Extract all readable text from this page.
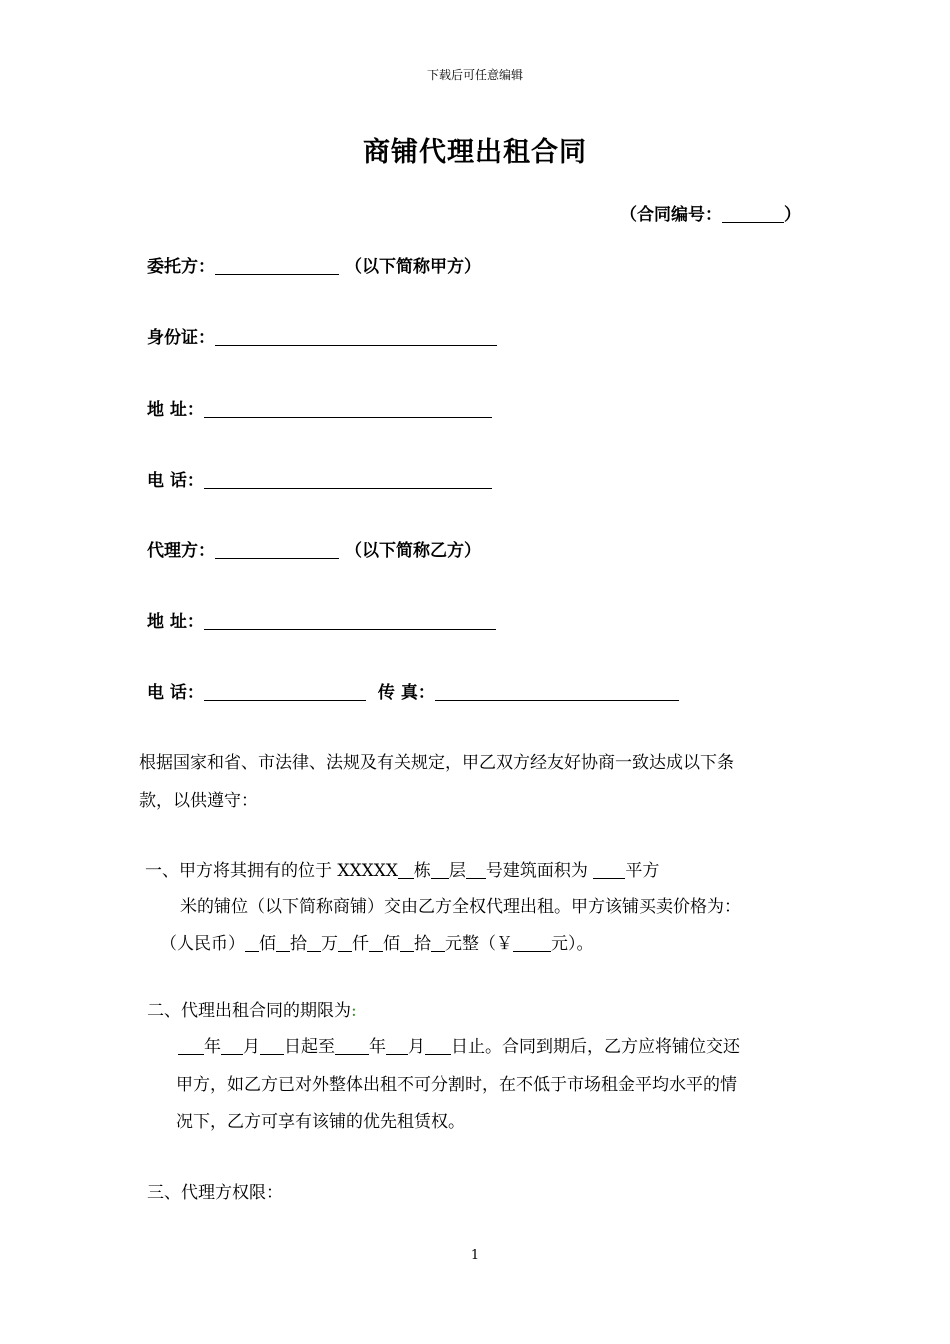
下载后可任意编辑
商铺代理出租合同
（合同编号：	）
委托方：	（以下简称甲方）
身份证：
地 址：
电 话：
代理方：	（以下简称乙方）
地 址：
电 话：	传 真：
根据国家和省、市法律、法规及有关规定，甲乙双方经友好协商一致达成以下条
款，以供遵守：
一、甲方将其拥有的位于 XXXXX 栋 层 号建筑面积为 平方
米的铺位（以下简称商铺）交由乙方全权代理出租。甲方该铺买卖价格为：
（人民币） 佰 拾 万 仟 佰 拾 元整（￥ 元）。
二、代理出租合同的期限为:
年 月 日起至 年 月 日止。合同到期后，乙方应将铺位交还
甲方，如乙方已对外整体出租不可分割时，在不低于市场租金平均水平的情
况下，乙方可享有该铺的优先租赁权。
三、代理方权限：
1
